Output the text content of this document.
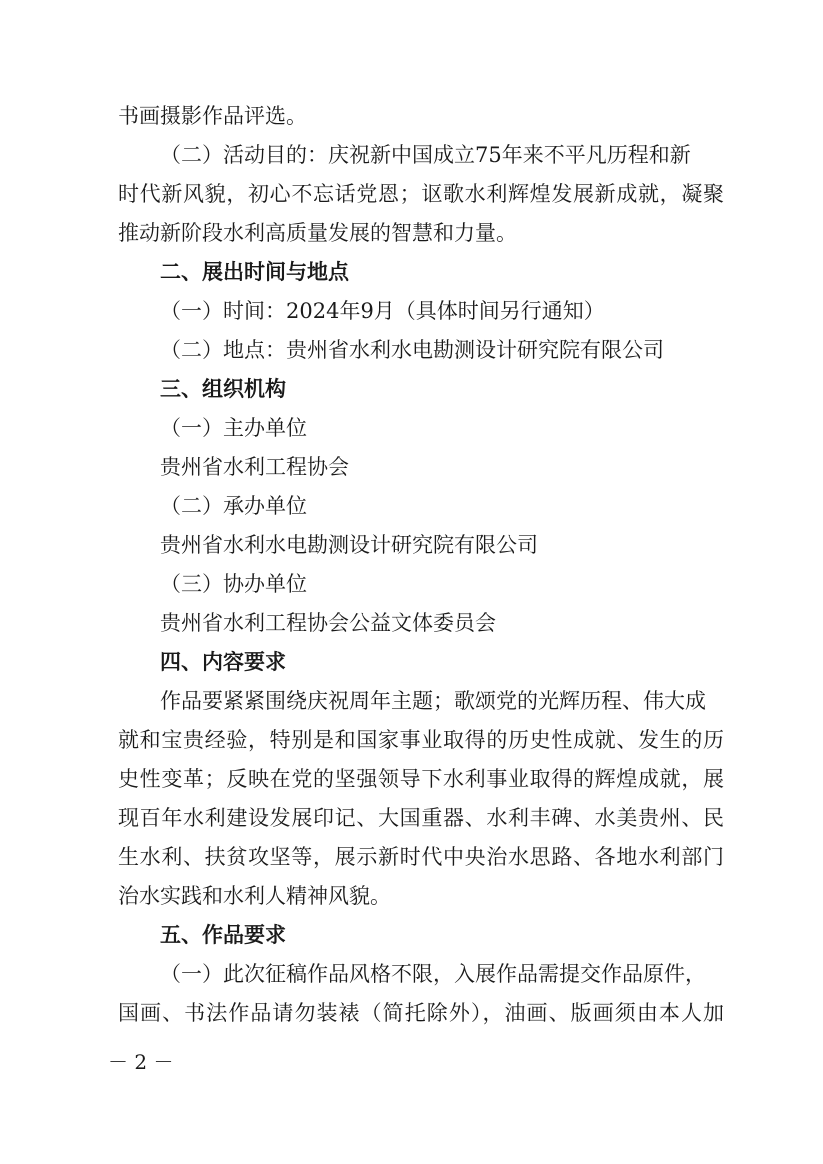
书画摄影作品评选。
（二）活动目的：庆祝新中国成立75年来不平凡历程和新
时代新风貌，初心不忘话党恩；讴歌水利辉煌发展新成就，凝聚
推动新阶段水利高质量发展的智慧和力量。
二、展出时间与地点
（一）时间：2024年9月（具体时间另行通知）
（二）地点：贵州省水利水电勘测设计研究院有限公司
三、组织机构
（一）主办单位
贵州省水利工程协会
（二）承办单位
贵州省水利水电勘测设计研究院有限公司
（三）协办单位
贵州省水利工程协会公益文体委员会
四、内容要求
作品要紧紧围绕庆祝周年主题；歌颂党的光辉历程、伟大成
就和宝贵经验，特别是和国家事业取得的历史性成就、发生的历
史性变革；反映在党的坚强领导下水利事业取得的辉煌成就，展
现百年水利建设发展印记、大国重器、水利丰碑、水美贵州、民
生水利、扶贫攻坚等，展示新时代中央治水思路、各地水利部门
治水实践和水利人精神风貌。
五、作品要求
（一）此次征稿作品风格不限，入展作品需提交作品原件，
国画、书法作品请勿装裱（简托除外），油画、版画须由本人加
－ 2 －
